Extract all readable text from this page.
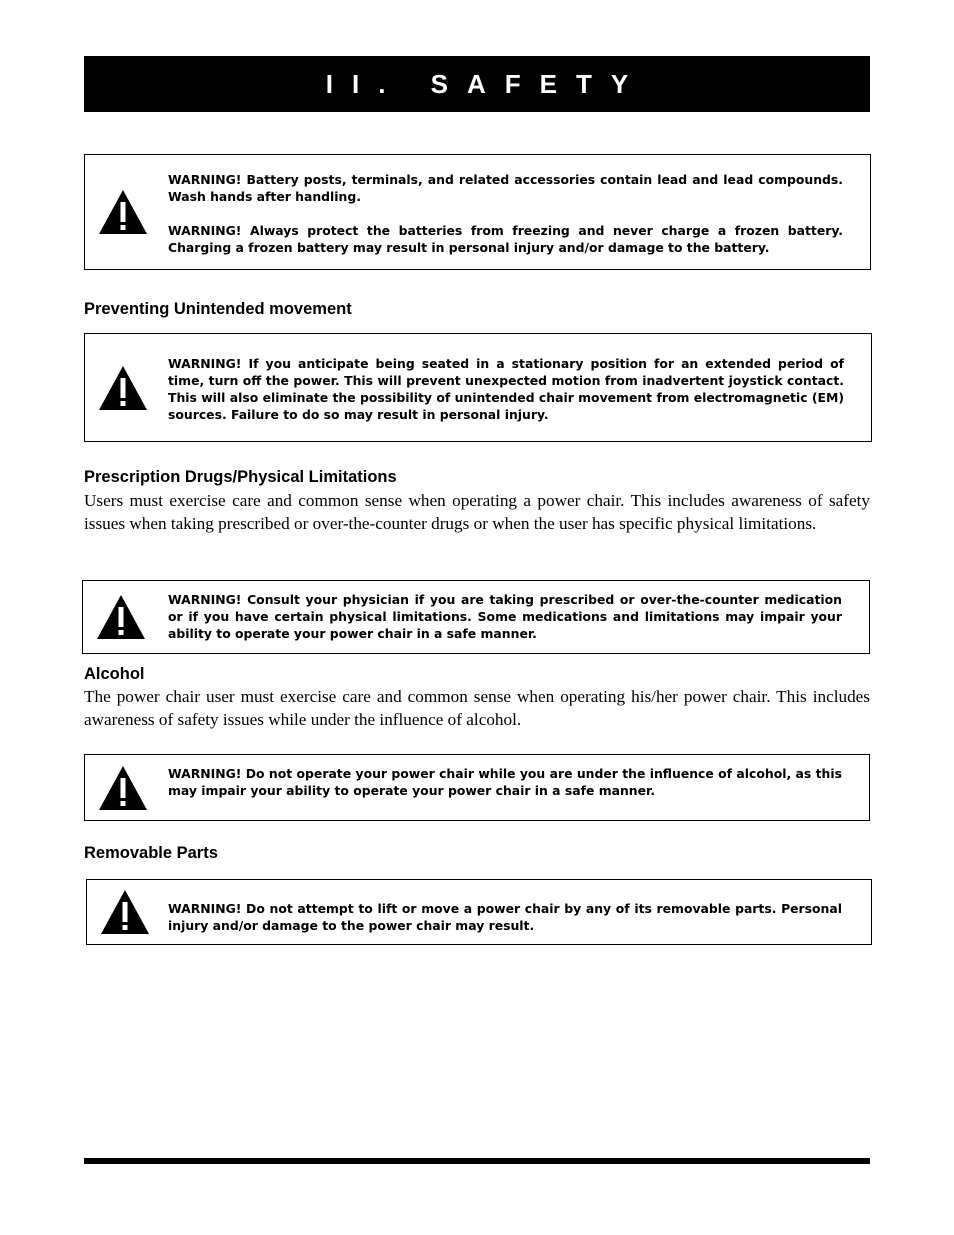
II. SAFETY

WARNING! Battery posts, terminals, and related accessories contain lead and lead compounds. Wash hands after handling.

WARNING! Always protect the batteries from freezing and never charge a frozen battery. Charging a frozen battery may result in personal injury and/or damage to the battery.

Preventing Unintended movement

WARNING! If you anticipate being seated in a stationary position for an extended period of time, turn off the power. This will prevent unexpected motion from inadvertent joystick contact. This will also eliminate the possibility of unintended chair movement from electromagnetic (EM) sources. Failure to do so may result in personal injury.

Prescription Drugs/Physical Limitations

Users must exercise care and common sense when operating a power chair. This includes awareness of safety issues when taking prescribed or over-the-counter drugs or when the user has specific physical limitations.

WARNING! Consult your physician if you are taking prescribed or over-the-counter medication or if you have certain physical limitations. Some medications and limitations may impair your ability to operate your power chair in a safe manner.

Alcohol

The power chair user must exercise care and common sense when operating his/her power chair. This includes awareness of safety issues while under the influence of alcohol.

WARNING! Do not operate your power chair while you are under the influence of alcohol, as this may impair your ability to operate your power chair in a safe manner.

Removable Parts

WARNING! Do not attempt to lift or move a power chair by any of its removable parts. Personal injury and/or damage to the power chair may result.
